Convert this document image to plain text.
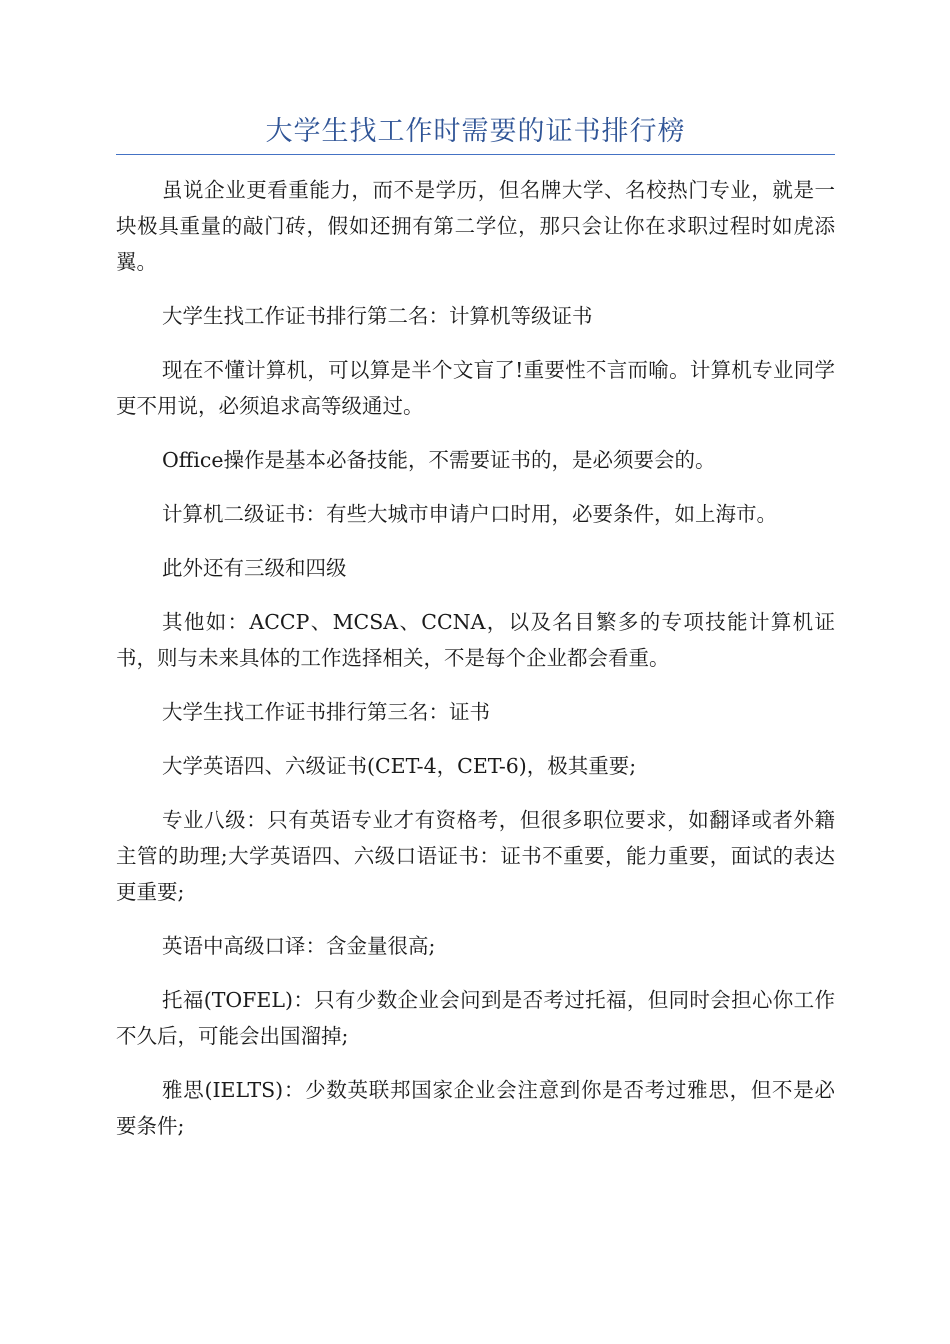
大学生找工作时需要的证书排行榜

虽说企业更看重能力，而不是学历，但名牌大学、名校热门专业，就是一块极具重量的敲门砖，假如还拥有第二学位，那只会让你在求职过程时如虎添翼。

大学生找工作证书排行第二名：计算机等级证书

现在不懂计算机，可以算是半个文盲了!重要性不言而喻。计算机专业同学更不用说，必须追求高等级通过。

Office操作是基本必备技能，不需要证书的，是必须要会的。

计算机二级证书：有些大城市申请户口时用，必要条件，如上海市。

此外还有三级和四级

其他如：ACCP、MCSA、CCNA，以及名目繁多的专项技能计算机证书，则与未来具体的工作选择相关，不是每个企业都会看重。

大学生找工作证书排行第三名：证书

大学英语四、六级证书(CET-4，CET-6)，极其重要;

专业八级：只有英语专业才有资格考，但很多职位要求，如翻译或者外籍主管的助理;大学英语四、六级口语证书：证书不重要，能力重要，面试的表达更重要;

英语中高级口译：含金量很高;

托福(TOFEL)：只有少数企业会问到是否考过托福，但同时会担心你工作不久后，可能会出国溜掉;

雅思(IELTS)：少数英联邦国家企业会注意到你是否考过雅思，但不是必要条件;
